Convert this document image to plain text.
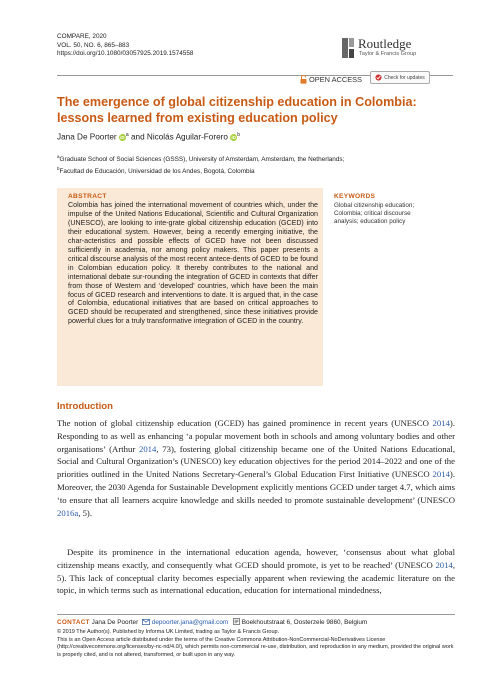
COMPARE, 2020
VOL. 50, NO. 6, 865–883
https://doi.org/10.1080/03057925.2019.1574558
Routledge
Taylor & Francis Group
OPEN ACCESS	Check for updates
The emergence of global citizenship education in Colombia: lessons learned from existing education policy
Jana De Poorter $iD^a$ and Nicolás Aguilar-Forero $iD^b$
$^a$Graduate School of Social Sciences (GSSS), University of Amsterdam, Amsterdam, the Netherlands;
$^b$Facultad de Educación, Universidad de los Andes, Bogotá, Colombia
ABSTRACT
Colombia has joined the international movement of countries which, under the impulse of the United Nations Educational, Scientific and Cultural Organization (UNESCO), are looking to inte-grate global citizenship education (GCED) into their educational system. However, being a recently emerging initiative, the char-acteristics and possible effects of GCED have not been discussed sufficiently in academia, nor among policy makers. This paper presents a critical discourse analysis of the most recent antece-dents of GCED to be found in Colombian education policy. It thereby contributes to the national and international debate sur-rounding the integration of GCED in contexts that differ from those of Western and ‘developed’ countries, which have been the main focus of GCED research and interventions to date. It is argued that, in the case of Colombia, educational initiatives that are based on critical approaches to GCED should be recuperated and strengthened, since these initiatives provide powerful clues for a truly transformative integration of GCED in the country.
KEYWORDS
Global citizenship education; Colombia; critical discourse analysis; education policy
Introduction
The notion of global citizenship education (GCED) has gained prominence in recent years (UNESCO 2014). Responding to as well as enhancing ‘a popular movement both in schools and among voluntary bodies and other organisations’ (Arthur 2014, 73), fostering global citizenship became one of the United Nations Educational, Social and Cultural Organization’s (UNESCO) key education objectives for the period 2014–2022 and one of the priorities outlined in the United Nations Secretary-General’s Global Education First Initiative (UNESCO 2014). Moreover, the 2030 Agenda for Sustainable Development explicitly mentions GCED under target 4.7, which aims ‘to ensure that all learners acquire knowledge and skills needed to promote sustainable development’ (UNESCO 2016a, 5).
Despite its prominence in the international education agenda, however, ‘consensus about what global citizenship means exactly, and consequently what GCED should promote, is yet to be reached’ (UNESCO 2014, 5). This lack of conceptual clarity becomes especially apparent when reviewing the academic literature on the topic, in which terms such as international education, education for international mindedness,
CONTACT Jana De Poorter depoorter.jana@gmail.com Boekhoutstraat 6, Oosterzele 9860, Belgium
© 2019 The Author(s). Published by Informa UK Limited, trading as Taylor & Francis Group.
This is an Open Access article distributed under the terms of the Creative Commons Attribution-NonCommercial-NoDerivatives License (http://creativecommons.org/licenses/by-nc-nd/4.0/), which permits non-commercial re-use, distribution, and reproduction in any medium, provided the original work is properly cited, and is not altered, transformed, or built upon in any way.
